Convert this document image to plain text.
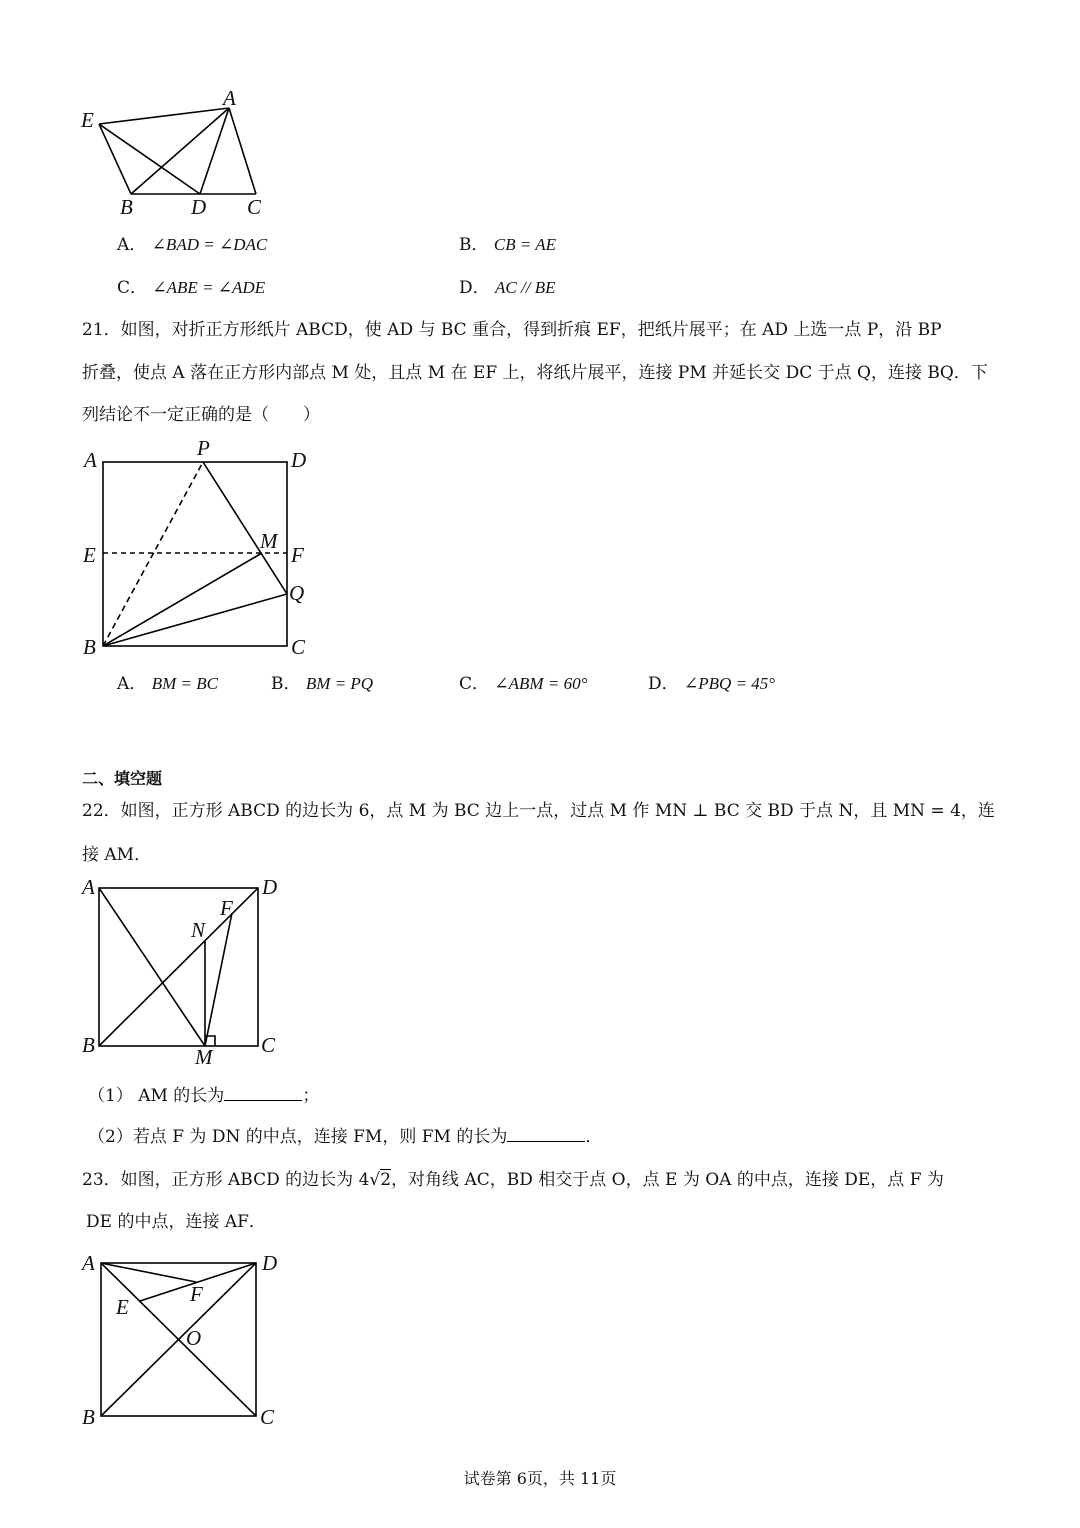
E
A
B	D C
A． ∠BAD = ∠DAC	B． CB = AE
C． ∠ABE = ∠ADE	D． AC // BE
21．如图，对折正方形纸片 ABCD，使 AD 与 BC 重合，得到折痕 EF，把纸片展平；在 AD 上选一点 P，沿 BP
折叠，使点 A 落在正方形内部点 M 处，且点 M 在 EF 上，将纸片展平，连接 PM 并延长交 DC 于点 Q，连接 BQ．下
列结论不一定正确的是（　　）
A	P	D
E
M
F
Q
B	C
A． BM = BC	B． BM = PQ	C． ∠ABM = 60°	D． ∠PBQ = 45°
二、填空题
22．如图，正方形 ABCD 的边长为 6，点 M 为 BC 边上一点，过点 M 作 MN ⊥ BC 交 BD 于点 N，且 MN = 4，连
接 AM．
A	D
F
N
B	M C
（1） AM 的长为	；
（2）若点 F 为 DN 的中点，连接 FM，则 FM 的长为	．
23．如图，正方形 ABCD 的边长为 4√2，对角线 AC，BD 相交于点 O，点 E 为 OA 的中点，连接 DE，点 F 为
DE 的中点，连接 AF．
A	D
E
F
O
B	C
试卷第 6页，共 11页
